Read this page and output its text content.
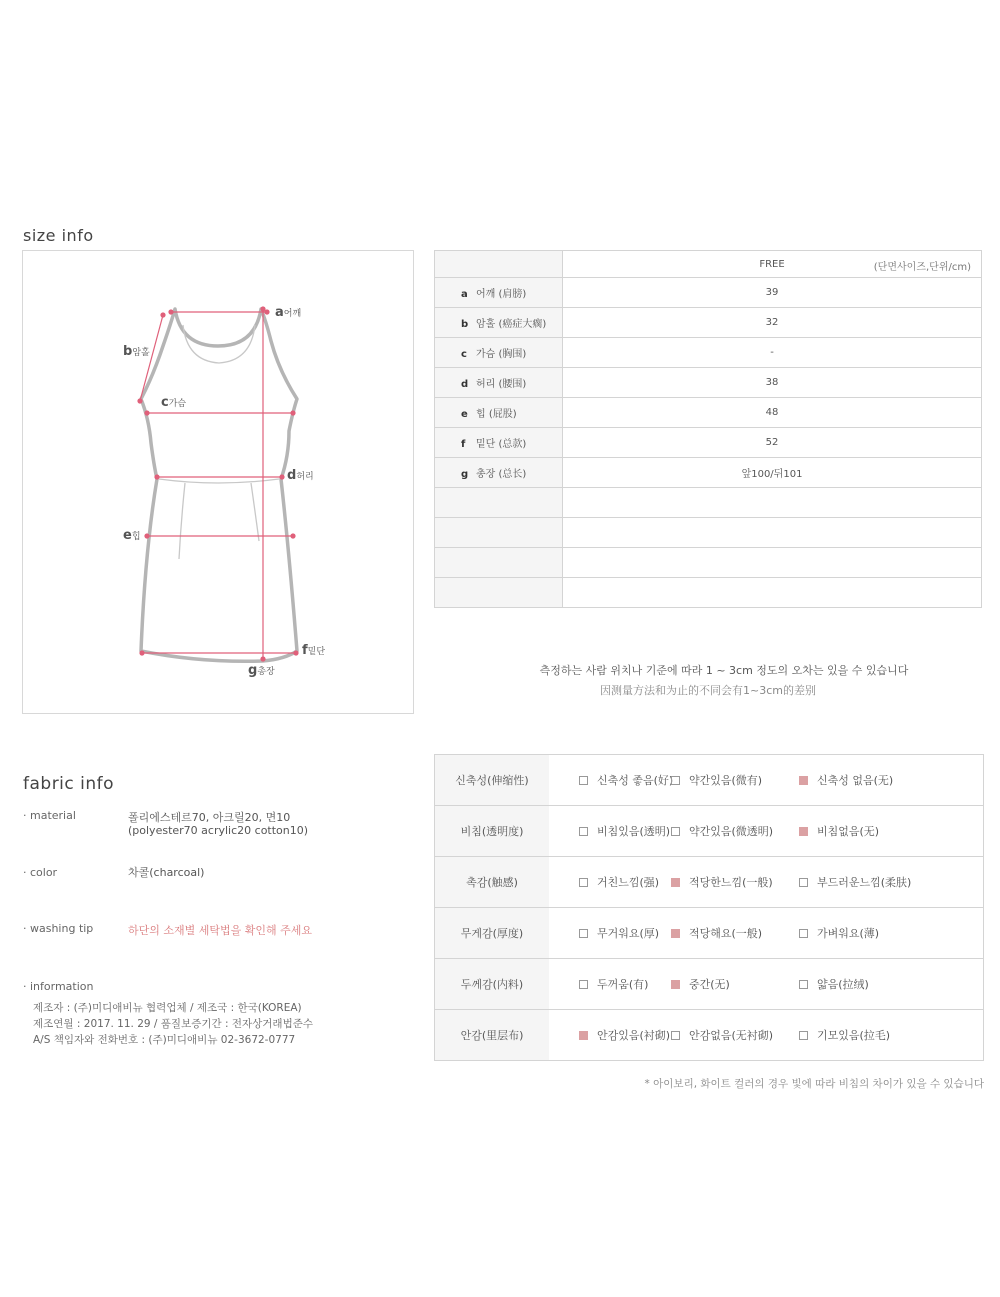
size info
a어깨
b암홀
c가슴
d허리
e힙
f밑단
g총장
	FREE (단면사이즈,단위/cm)

a 어깨 (肩膀)	39
b 암홀 (癌症大瘸)	32
c 가슴 (胸围)	-
d 허리 (腰围)	38
e 힙 (屁股)	48
f 밑단 (总款)	52
g 총장 (总长)	앞100/뒤101

측정하는 사람 위치나 기준에 따라 1 ~ 3cm 정도의 오차는 있을 수 있습니다
因测量方法和为止的不同会有1~3cm的差别
fabric info
· material	폴리에스테르70, 아크릴20, 면10
(polyester70 acrylic20 cotton10)
· color	차콜(charcoal)
· washing tip	하단의 소재별 세탁법을 확인해 주세요
· information
제조자 : (주)미디애비뉴 협력업체 / 제조국 : 한국(KOREA)
제조연월 : 2017. 11. 29 / 품질보증기간 : 전자상거래법준수
A/S 책임자와 전화번호 : (주)미디애비뉴 02-3672-0777
신축성(伸缩性)	신축성 좋음(好) 약간있음(微有) 신축성 없음(无)

비침(透明度)	비침있음(透明) 약간있음(微透明) 비침없음(无)

촉감(触感)	거친느낌(强) 적당한느낌(一般) 부드러운느낌(柔肤)

무게감(厚度)	무거워요(厚) 적당해요(一般) 가벼워요(薄)

두께감(内料)	두꺼움(有) 중간(无) 얇음(拉绒)

안감(里层布)	안감있음(衬砌) 안감없음(无衬砌) 기모있음(拉毛)
* 아이보리, 화이트 컬러의 경우 빛에 따라 비침의 차이가 있을 수 있습니다
